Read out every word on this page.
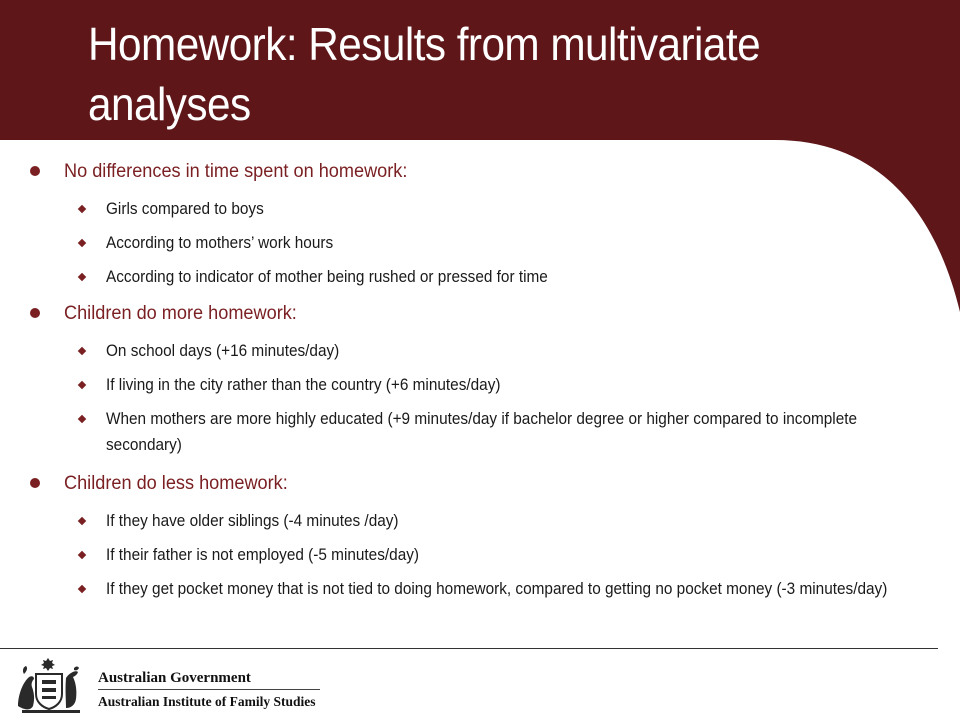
Homework: Results from multivariate analyses
No differences in time spent on homework:
Girls compared to boys
According to mothers’ work hours
According to indicator of mother being rushed or pressed for time
Children do more homework:
On school days (+16 minutes/day)
If living in the city rather than the country (+6 minutes/day)
When mothers are more highly educated (+9 minutes/day if bachelor degree or higher compared to incomplete secondary)
Children do less homework:
If they have older siblings (-4 minutes /day)
If their father is not employed (-5 minutes/day)
If they get pocket money that is not tied to doing homework, compared to getting no pocket money (-3 minutes/day)
Australian Government
Australian Institute of Family Studies
